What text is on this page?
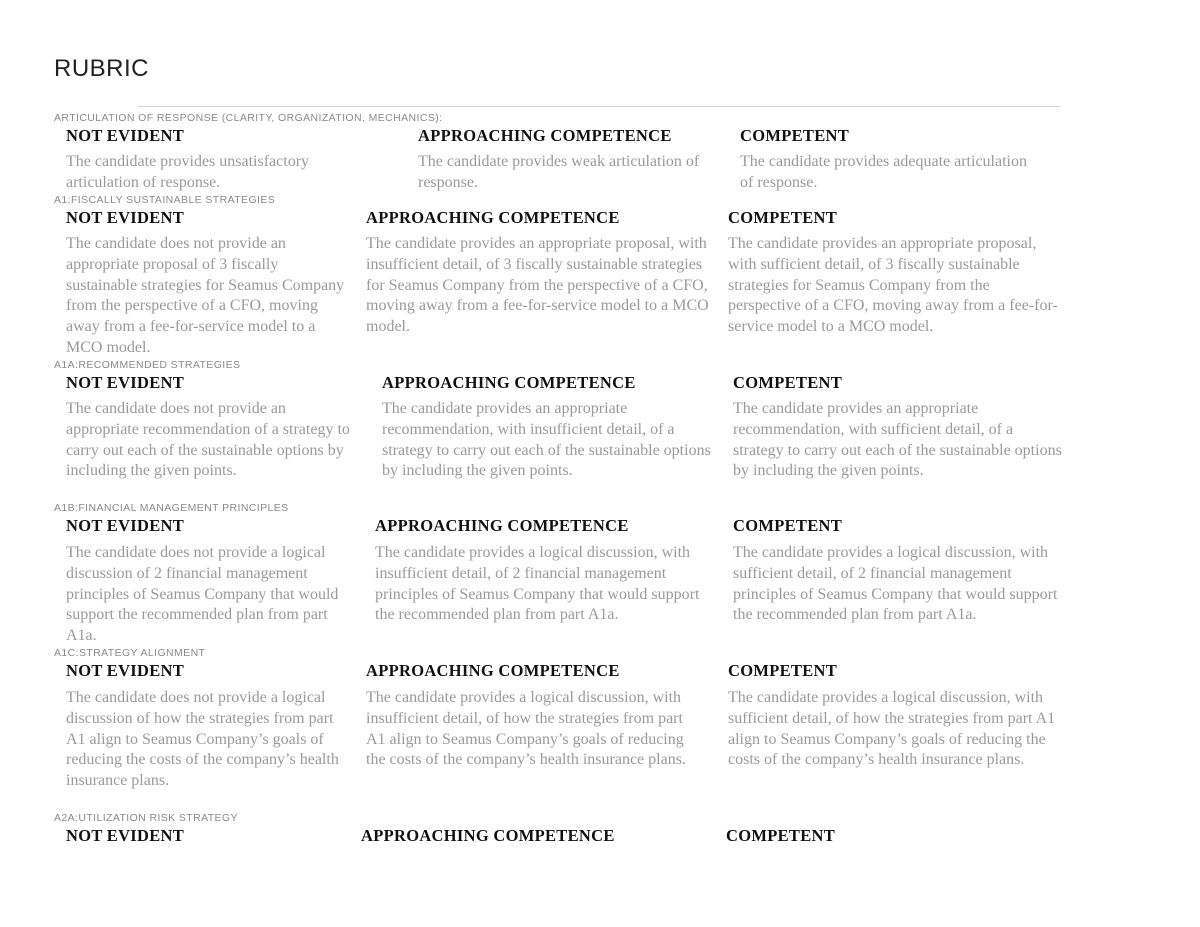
RUBRIC
ARTICULATION OF RESPONSE (CLARITY, ORGANIZATION, MECHANICS):
NOT EVIDENT	APPROACHING COMPETENCE	COMPETENT
The candidate provides unsatisfactory articulation of response.
The candidate provides weak articulation of response.
The candidate provides adequate articulation of response.
A1:FISCALLY SUSTAINABLE STRATEGIES
NOT EVIDENT	APPROACHING COMPETENCE	COMPETENT
The candidate does not provide an appropriate proposal of 3 fiscally sustainable strategies for Seamus Company from the perspective of a CFO, moving away from a fee-for-service model to a MCO model.
The candidate provides an appropriate proposal, with insufficient detail, of 3 fiscally sustainable strategies for Seamus Company from the perspective of a CFO, moving away from a fee-for-service model to a MCO model.
The candidate provides an appropriate proposal, with sufficient detail, of 3 fiscally sustainable strategies for Seamus Company from the perspective of a CFO, moving away from a fee-for-service model to a MCO model.
A1A:RECOMMENDED STRATEGIES
NOT EVIDENT	APPROACHING COMPETENCE	COMPETENT
The candidate does not provide an appropriate recommendation of a strategy to carry out each of the sustainable options by including the given points.
The candidate provides an appropriate recommendation, with insufficient detail, of a strategy to carry out each of the sustainable options by including the given points.
The candidate provides an appropriate recommendation, with sufficient detail, of a strategy to carry out each of the sustainable options by including the given points.
A1B:FINANCIAL MANAGEMENT PRINCIPLES
NOT EVIDENT	APPROACHING COMPETENCE	COMPETENT
The candidate does not provide a logical discussion of 2 financial management principles of Seamus Company that would support the recommended plan from part A1a.
The candidate provides a logical discussion, with insufficient detail, of 2 financial management principles of Seamus Company that would support the recommended plan from part A1a.
The candidate provides a logical discussion, with sufficient detail, of 2 financial management principles of Seamus Company that would support the recommended plan from part A1a.
A1C:STRATEGY ALIGNMENT
NOT EVIDENT	APPROACHING COMPETENCE	COMPETENT
The candidate does not provide a logical discussion of how the strategies from part A1 align to Seamus Company’s goals of reducing the costs of the company’s health insurance plans.
The candidate provides a logical discussion, with insufficient detail, of how the strategies from part A1 align to Seamus Company’s goals of reducing the costs of the company’s health insurance plans.
The candidate provides a logical discussion, with sufficient detail, of how the strategies from part A1 align to Seamus Company’s goals of reducing the costs of the company’s health insurance plans.
A2A:UTILIZATION RISK STRATEGY
NOT EVIDENT	APPROACHING COMPETENCE	COMPETENT
